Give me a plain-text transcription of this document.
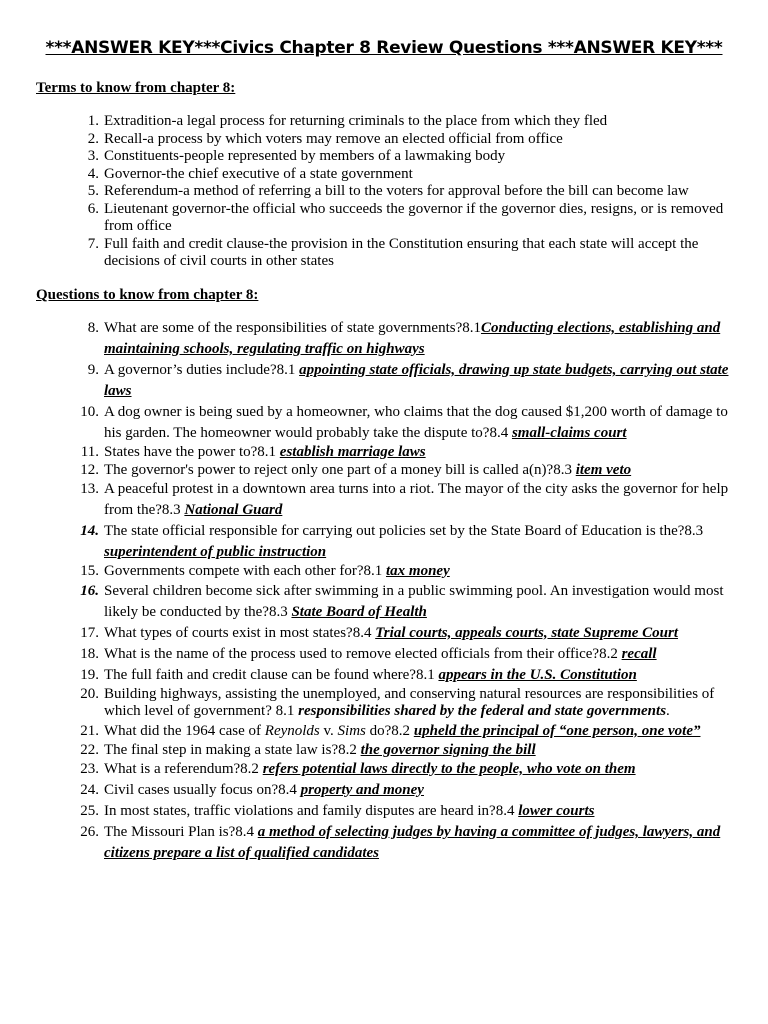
***ANSWER KEY***Civics Chapter 8 Review Questions ***ANSWER KEY***
Terms to know from chapter 8:
1. Extradition-a legal process for returning criminals to the place from which they fled
2. Recall-a process by which voters may remove an elected official from office
3. Constituents-people represented by members of a lawmaking body
4. Governor-the chief executive of a state government
5. Referendum-a method of referring a bill to the voters for approval before the bill can become law
6. Lieutenant governor-the official who succeeds the governor if the governor dies, resigns, or is removed from office
7. Full faith and credit clause-the provision in the Constitution ensuring that each state will accept the decisions of civil courts in other states
Questions to know from chapter 8:
8. What are some of the responsibilities of state governments?8.1Conducting elections, establishing and maintaining schools, regulating traffic on highways
9. A governor’s duties include?8.1 appointing state officials, drawing up state budgets, carrying out state laws
10. A dog owner is being sued by a homeowner, who claims that the dog caused $1,200 worth of damage to his garden. The homeowner would probably take the dispute to?8.4 small-claims court
11. States have the power to?8.1 establish marriage laws
12. The governor's power to reject only one part of a money bill is called a(n)?8.3 item veto
13. A peaceful protest in a downtown area turns into a riot. The mayor of the city asks the governor for help from the?8.3 National Guard
14. The state official responsible for carrying out policies set by the State Board of Education is the?8.3 superintendent of public instruction
15. Governments compete with each other for?8.1 tax money
16. Several children become sick after swimming in a public swimming pool. An investigation would most likely be conducted by the?8.3 State Board of Health
17. What types of courts exist in most states?8.4 Trial courts, appeals courts, state Supreme Court
18. What is the name of the process used to remove elected officials from their office?8.2 recall
19. The full faith and credit clause can be found where?8.1 appears in the U.S. Constitution
20. Building highways, assisting the unemployed, and conserving natural resources are responsibilities of which level of government? 8.1 responsibilities shared by the federal and state governments.
21. What did the 1964 case of Reynolds v. Sims do?8.2 upheld the principal of “one person, one vote”
22. The final step in making a state law is?8.2 the governor signing the bill
23. What is a referendum?8.2 refers potential laws directly to the people, who vote on them
24. Civil cases usually focus on?8.4 property and money
25. In most states, traffic violations and family disputes are heard in?8.4 lower courts
26. The Missouri Plan is?8.4 a method of selecting judges by having a committee of judges, lawyers, and citizens prepare a list of qualified candidates
